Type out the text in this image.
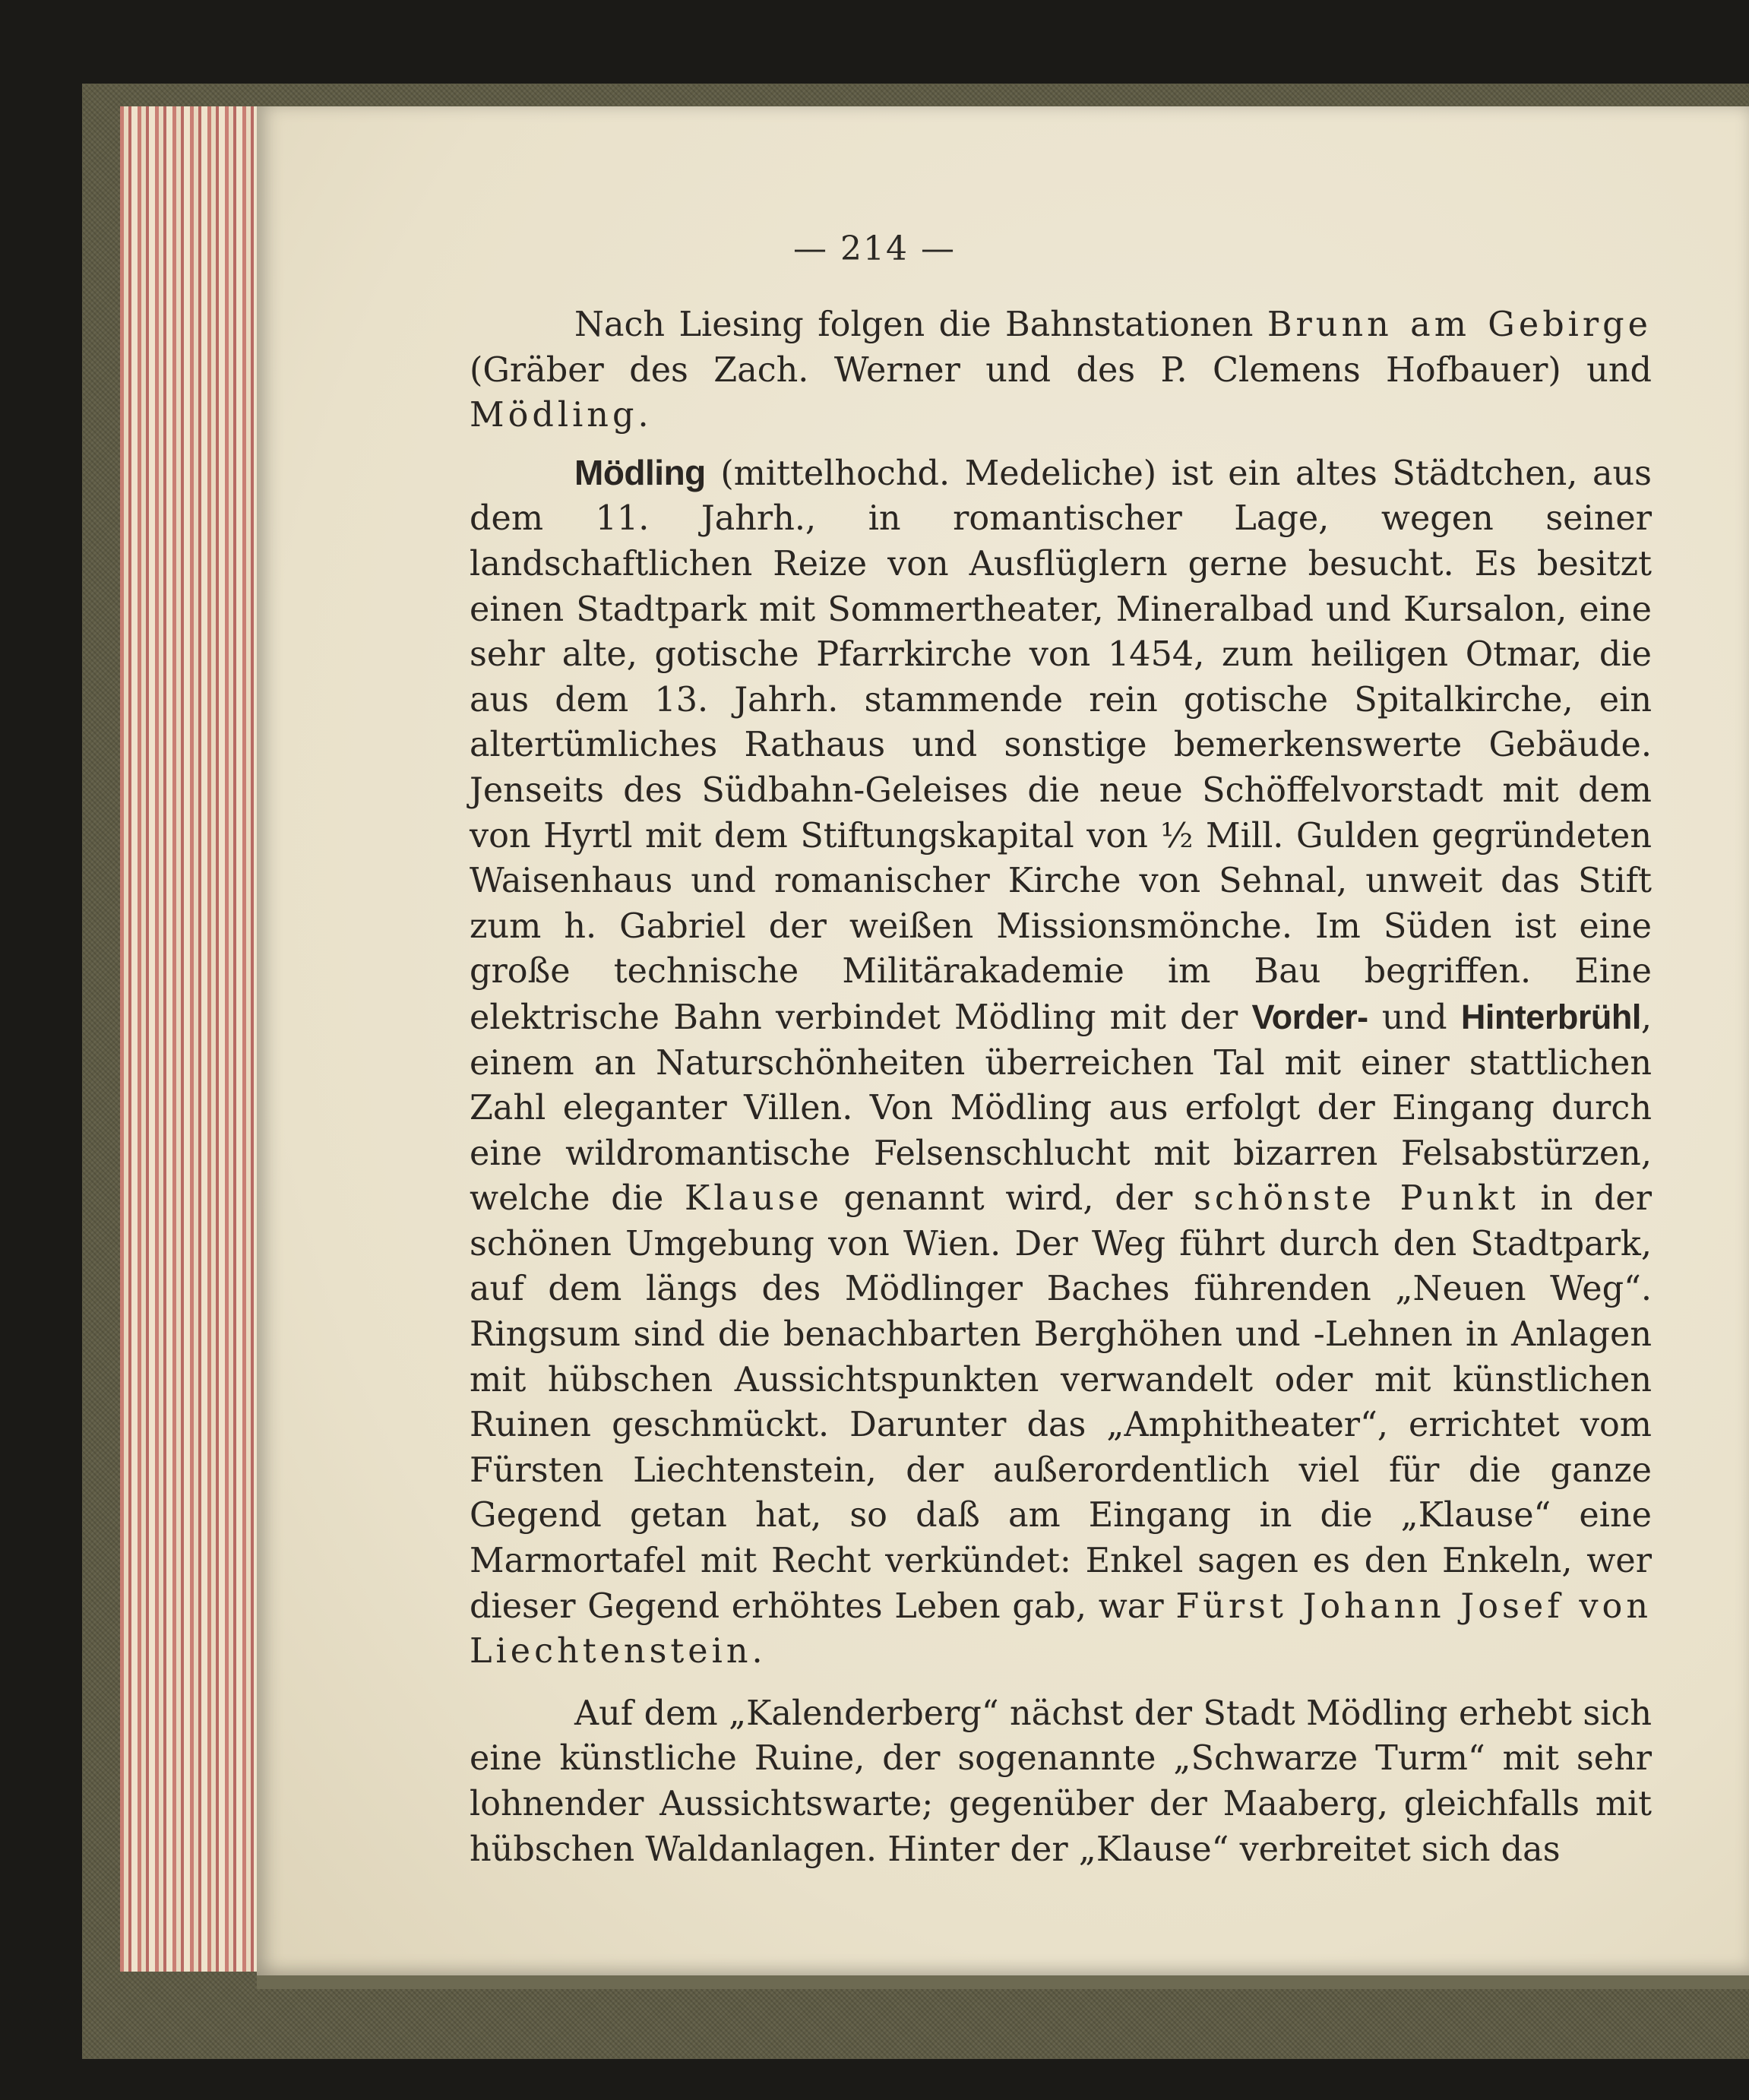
— 214 —

Nach Liesing folgen die Bahnstationen Brunn am Gebirge (Gräber des Zach. Werner und des P. Clemens Hofbauer) und Mödling.

Mödling (mittelhochd. Medeliche) ist ein altes Städtchen, aus dem 11. Jahrh., in romantischer Lage, wegen seiner landschaftlichen Reize von Ausflüglern gerne besucht. Es besitzt einen Stadtpark mit Sommertheater, Mineralbad und Kursalon, eine sehr alte, gotische Pfarrkirche von 1454, zum heiligen Otmar, die aus dem 13. Jahrh. stammende rein gotische Spitalkirche, ein altertümliches Rathaus und sonstige bemerkenswerte Gebäude. Jenseits des Südbahn-Geleises die neue Schöffelvorstadt mit dem von Hyrtl mit dem Stiftungskapital von ½ Mill. Gulden gegründeten Waisenhaus und romanischer Kirche von Sehnal, unweit das Stift zum h. Gabriel der weißen Missionsmönche. Im Süden ist eine große technische Militärakademie im Bau begriffen. Eine elektrische Bahn verbindet Mödling mit der Vorder- und Hinterbrühl, einem an Naturschönheiten überreichen Tal mit einer stattlichen Zahl eleganter Villen. Von Mödling aus erfolgt der Eingang durch eine wildromantische Felsenschlucht mit bizarren Felsabstürzen, welche die Klause genannt wird, der schönste Punkt in der schönen Umgebung von Wien. Der Weg führt durch den Stadtpark, auf dem längs des Mödlinger Baches führenden „Neuen Weg“. Ringsum sind die benachbarten Berghöhen und -Lehnen in Anlagen mit hübschen Aussichtspunkten verwandelt oder mit künstlichen Ruinen geschmückt. Darunter das „Amphitheater“, errichtet vom Fürsten Liechtenstein, der außerordentlich viel für die ganze Gegend getan hat, so daß am Eingang in die „Klause“ eine Marmortafel mit Recht verkündet: Enkel sagen es den Enkeln, wer dieser Gegend erhöhtes Leben gab, war Fürst Johann Josef von Liechtenstein.

Auf dem „Kalenderberg“ nächst der Stadt Mödling erhebt sich eine künstliche Ruine, der sogenannte „Schwarze Turm“ mit sehr lohnender Aussichtswarte; gegenüber der Maaberg, gleichfalls mit hübschen Waldanlagen. Hinter der „Klause“ verbreitet sich das
